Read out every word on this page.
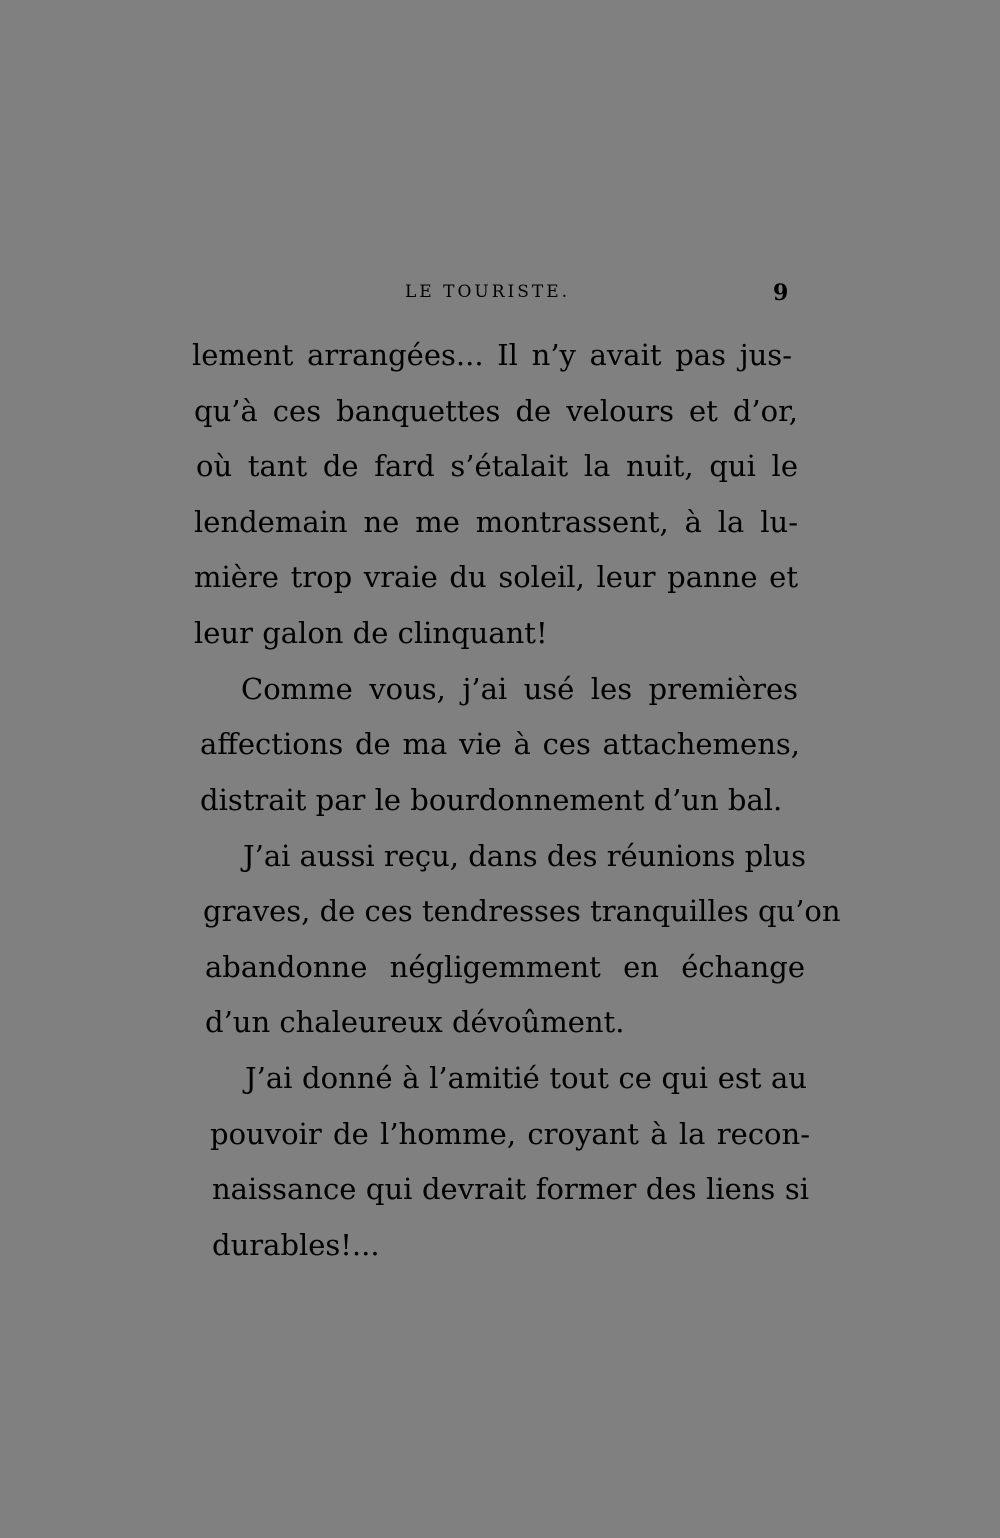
LE TOURISTE.	9
lement arrangées... Il n’y avait pas jus-
qu’à ces banquettes de velours et d’or,
où tant de fard s’étalait la nuit, qui le
lendemain ne me montrassent, à la lu-
mière trop vraie du soleil, leur panne et
leur galon de clinquant!
Comme vous, j’ai usé les premières
affections de ma vie à ces attachemens,
distrait par le bourdonnement d’un bal.
J’ai aussi reçu, dans des réunions plus
graves, de ces tendresses tranquilles qu’on
abandonne négligemment en échange
d’un chaleureux dévoûment.
J’ai donné à l’amitié tout ce qui est au
pouvoir de l’homme, croyant à la recon-
naissance qui devrait former des liens si
durables!...
